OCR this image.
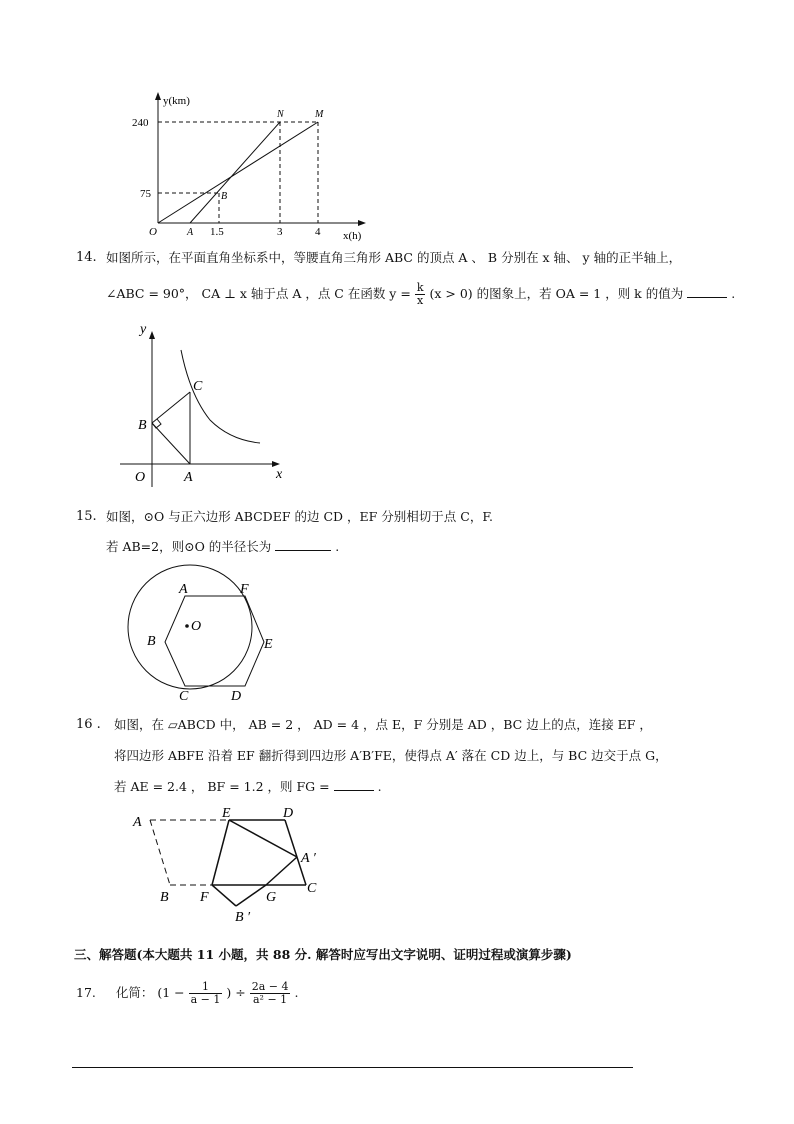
y(km)
x(h)
240
75
O	A 1.5	3	4
N	M
B
14. 如图所示，在平面直角坐标系中，等腰直角三角形 ABC 的顶点 A 、 B 分别在 x 轴、 y 轴的正半轴上，
∠ABC = 90°， CA ⊥ x 轴于点 A ，点 C 在函数 $y = \frac{k}{x} (x > 0)$ 的图象上，若 OA = 1 ，则 k 的值为	.
y
x
O	A
B
C
15. 如图，⊙O 与正六边形 ABCDEF 的边 CD ，EF 分别相切于点 C，F.
若 AB=2，则⊙O 的半径长为	.
A	F
B
O
E
C	D
16 . 如图，在 ▱ABCD 中， AB = 2 ， AD = 4 ，点 E，F 分别是 AD ，BC 边上的点，连接 EF ，
将四边形 ABFE 沿着 EF 翻折得到四边形 A′B′FE，使得点 A′ 落在 CD 边上，与 BC 边交于点 G，
若 AE = 2.4 ， BF = 1.2 ，则 FG =	.
A
E	D
A ′
B F	G
C
B ′
三、解答题(本大题共 11 小题，共 88 分. 解答时应写出文字说明、证明过程或演算步骤)
17. 化简： ($1 - \frac{1}{a - 1}$ ) ÷ $\frac{2a - 4}{\text{a² − 1}}$ .
